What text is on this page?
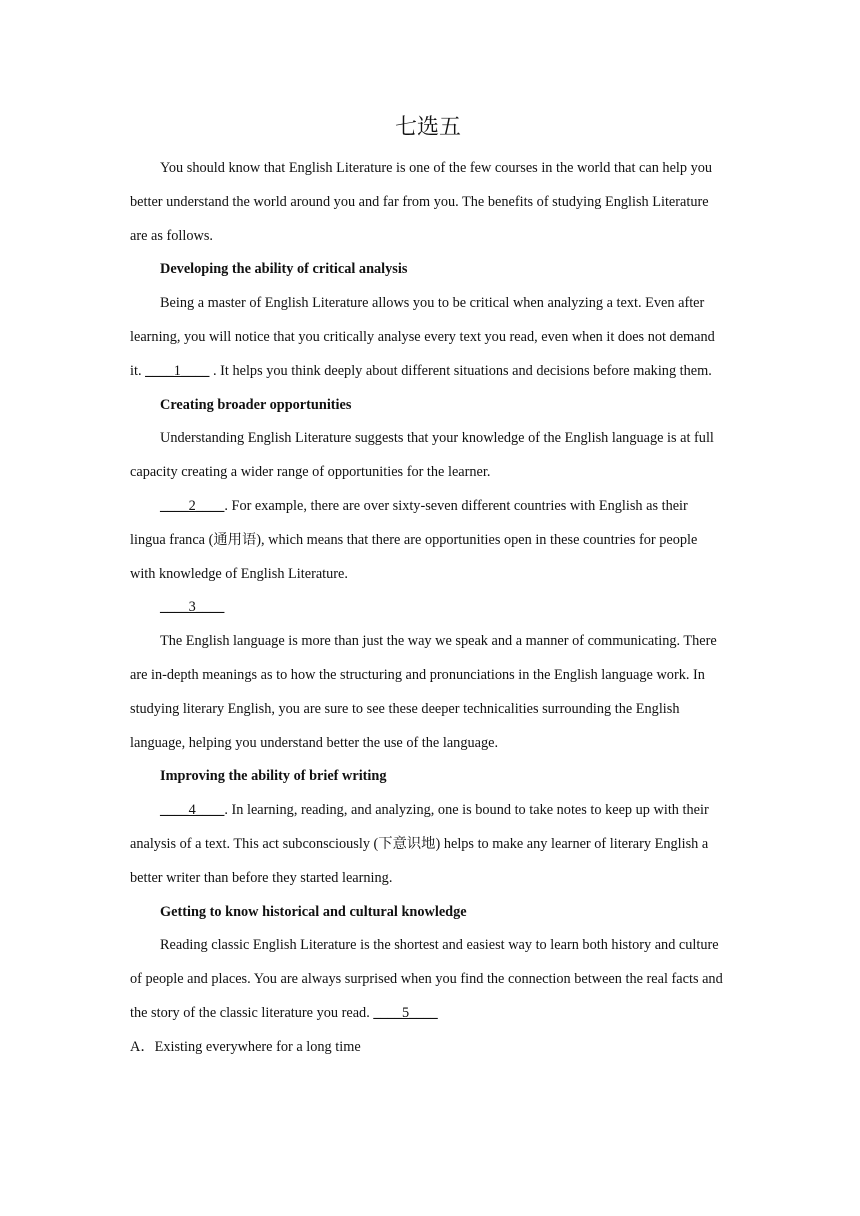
七选五

You should know that English Literature is one of the few courses in the world that can help you better understand the world around you and far from you. The benefits of studying English Literature are as follows.

Developing the ability of critical analysis

Being a master of English Literature allows you to be critical when analyzing a text. Even after learning, you will notice that you critically analyse every text you read, even when it does not demand it. ____1____ . It helps you think deeply about different situations and decisions before making them.

Creating broader opportunities

Understanding English Literature suggests that your knowledge of the English language is at full capacity creating a wider range of opportunities for the learner.

____2____. For example, there are over sixty-seven different countries with English as their lingua franca (通用语), which means that there are opportunities open in these countries for people with knowledge of English Literature.

____3____

The English language is more than just the way we speak and a manner of communicating. There are in-depth meanings as to how the structuring and pronunciations in the English language work. In studying literary English, you are sure to see these deeper technicalities surrounding the English language, helping you understand better the use of the language.

Improving the ability of brief writing

____4____. In learning, reading, and analyzing, one is bound to take notes to keep up with their analysis of a text. This act subconsciously (下意识地) helps to make any learner of literary English a better writer than before they started learning.

Getting to know historical and cultural knowledge

Reading classic English Literature is the shortest and easiest way to learn both history and culture of people and places. You are always surprised when you find the connection between the real facts and the story of the classic literature you read. ____5____

A．Existing everywhere for a long time
